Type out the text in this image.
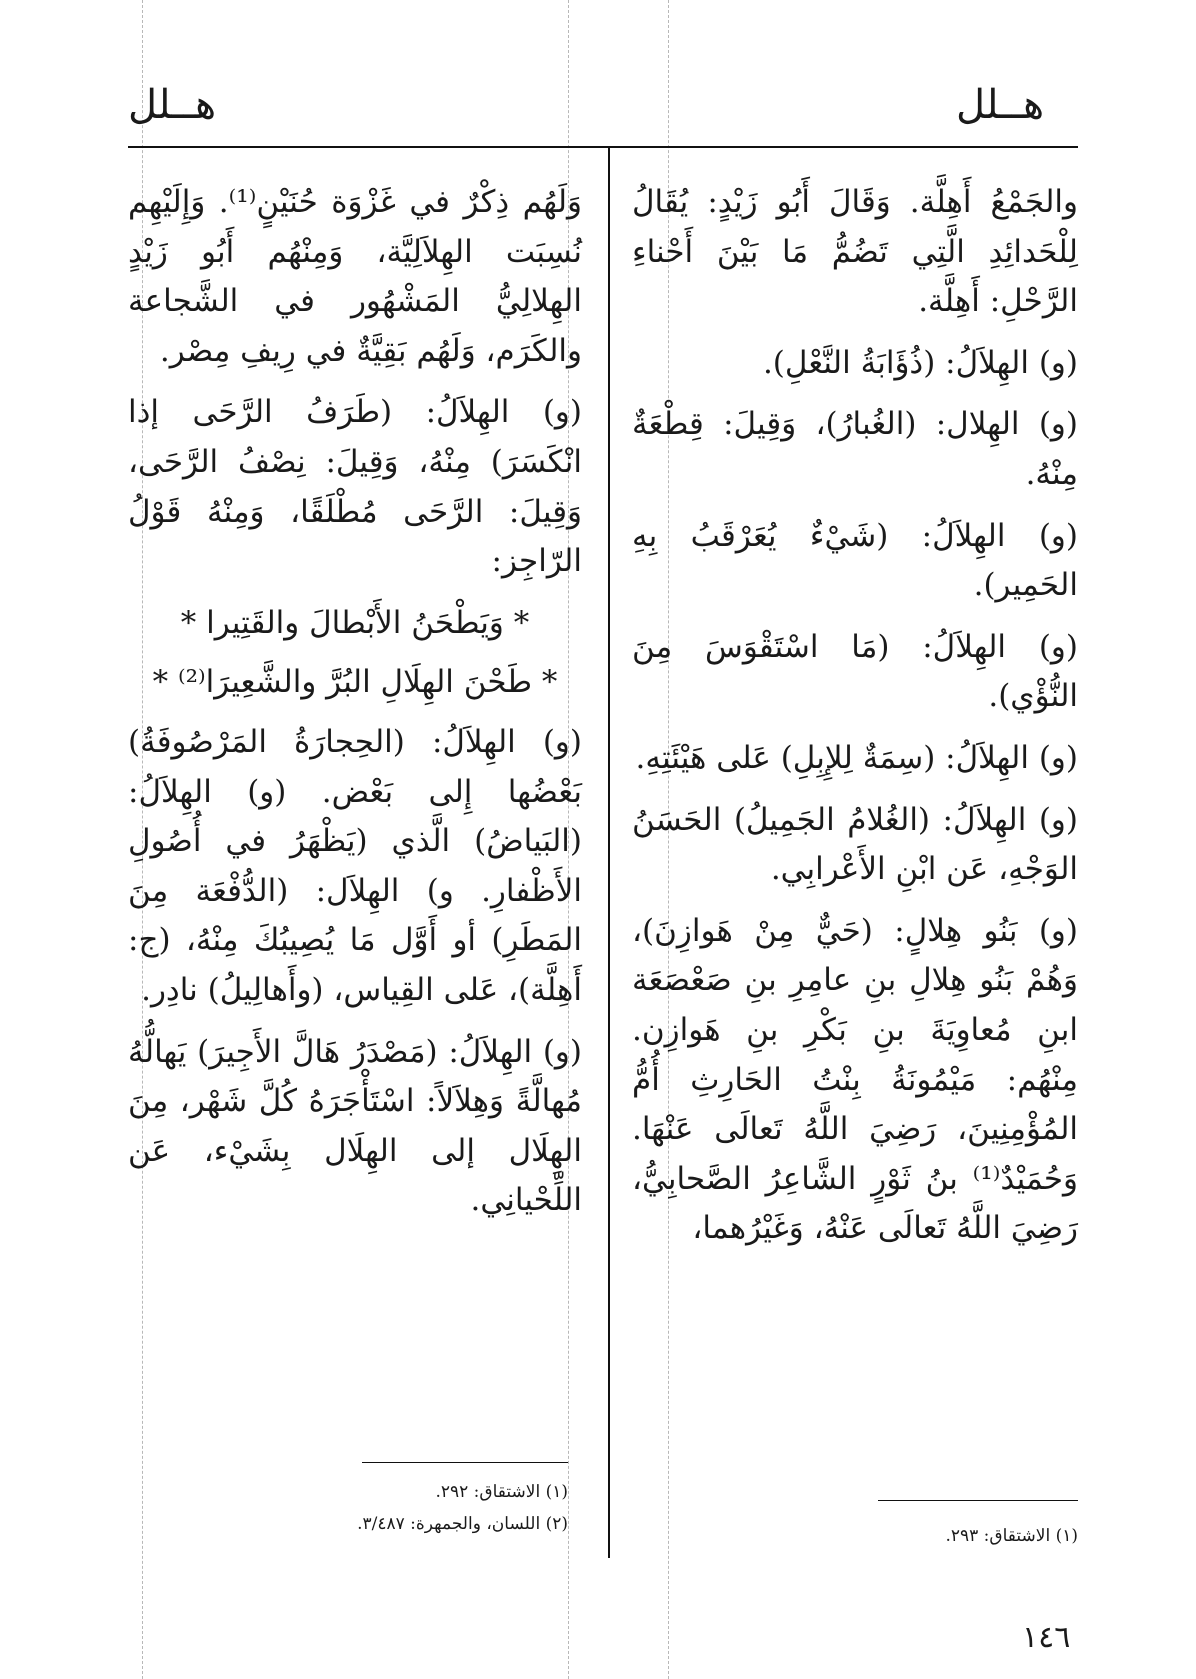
هــلل	هــلل

والجَمْعُ أَهِلَّة. وَقَالَ أَبُو زَيْدٍ: يُقَالُ لِلْحَدائِدِ الَّتِي تَضُمُّ مَا بَيْنَ أَحْناءِ الرَّحْلِ: أَهِلَّة.

(و) الهِلاَلُ: (ذُؤَابَةُ النَّعْلِ).

(و) الهِلال: (الغُبارُ)، وَقِيلَ: قِطْعَةٌ مِنْهُ.

(و) الهِلاَلُ: (شَيْءٌ يُعَرْقَبُ بِهِ الحَمِير).

(و) الهِلاَلُ: (مَا اسْتَقْوَسَ مِنَ النُّؤْي).

(و) الهِلاَلُ: (سِمَةٌ لِلإِبِلِ) عَلى هَيْئَتِهِ.

(و) الهِلاَلُ: (الغُلامُ الجَمِيلُ) الحَسَنُ الوَجْهِ، عَن ابْنِ الأَعْرابِي.

(و) بَنُو هِلالٍ: (حَيٌّ مِنْ هَوازِنَ)، وَهُمْ بَنُو هِلالِ بنِ عامِرِ بنِ صَعْصَعَة ابنِ مُعاوِيَةَ بنِ بَكْرِ بنِ هَوازِن. مِنْهُم: مَيْمُونَةُ بِنْتُ الحَارِثِ أُمُّ المُؤْمِنِينَ، رَضِيَ اللَّهُ تَعالَى عَنْهَا. وَحُمَيْدٌ⁽¹⁾ بنُ ثَوْرٍ الشَّاعِرُ الصَّحابِيُّ، رَضِيَ اللَّهُ تَعالَى عَنْهُ، وَغَيْرُهما،

وَلَهُم ذِكْرٌ في غَزْوَة حُنَيْنٍ⁽¹⁾. وَإِلَيْهِم نُسِبَت الهِلاَلِيَّة، وَمِنْهُم أَبُو زَيْدٍ الهِلالِيُّ المَشْهُور في الشَّجاعة والكَرَم، وَلَهُم بَقِيَّةٌ في رِيفِ مِصْر.

(و) الهِلاَلُ: (طَرَفُ الرَّحَى إذا انْكَسَرَ) مِنْهُ، وَقِيلَ: نِصْفُ الرَّحَى، وَقِيلَ: الرَّحَى مُطْلَقًا، وَمِنْهُ قَوْلُ الرّاجِز:

* وَيَطْحَنُ الأَبْطالَ والقَتِيرا *
* طَحْنَ الهِلَالِ البُرَّ والشَّعِيرَا⁽²⁾ *

(و) الهِلاَلُ: (الحِجارَةُ المَرْصُوفَةُ) بَعْضُها إِلى بَعْض. (و) الهِلاَلُ: (البَياضُ) الَّذي (يَظْهَرُ في أُصُولِ الأَظْفارِ. و) الهِلاَل: (الدُّفْعَة مِنَ المَطَرِ) أو أَوَّل مَا يُصِيبُكَ مِنْهُ، (ج: أَهِلَّة)، عَلى القِياس، (وأَهالِيلُ) نادِر.

(و) الهِلاَلُ: (مَصْدَرُ هَالَّ الأَجِيرَ) يَهالُّهُ مُهالَّةً وَهِلاَلاً: اسْتَأْجَرَهُ كُلَّ شَهْر، مِنَ الهِلَال إلى الهِلَال بِشَيْء، عَن اللِّحْيانِي.

(١) الاشتقاق: ٢٩٢.
(٢) اللسان، والجمهرة: ٣/٤٨٧.
(١) الاشتقاق: ٢٩٣.
١٤٦
